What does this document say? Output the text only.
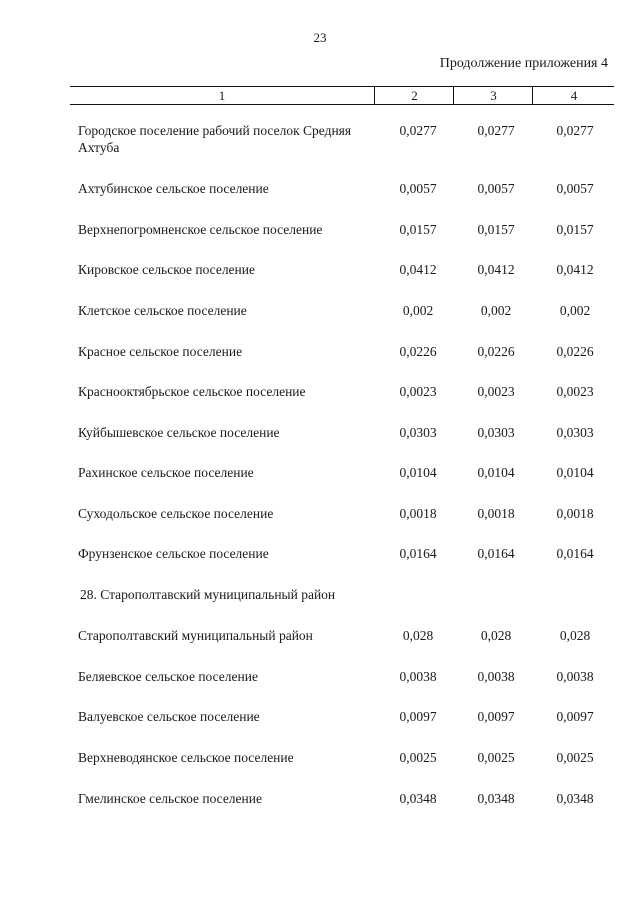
23
Продолжение приложения 4
1	2	3	4
Городское поселение рабочий поселок Средняя Ахтуба
0,0277	0,0277	0,0277
Ахтубинское сельское поселение	0,0057	0,0057	0,0057
Верхнепогромненское сельское поселение	0,0157	0,0157	0,0157
Кировское сельское поселение	0,0412	0,0412	0,0412
Клетское сельское поселение	0,002	0,002	0,002
Красное сельское поселение	0,0226	0,0226	0,0226
Краснооктябрьское сельское поселение	0,0023	0,0023	0,0023
Куйбышевское сельское поселение	0,0303	0,0303	0,0303
Рахинское сельское поселение	0,0104	0,0104	0,0104
Суходольское сельское поселение	0,0018	0,0018	0,0018
Фрунзенское сельское поселение	0,0164	0,0164	0,0164
28. Старополтавский муниципальный район
Старополтавский муниципальный район	0,028	0,028	0,028
Беляевское сельское поселение	0,0038	0,0038	0,0038
Валуевское сельское поселение	0,0097	0,0097	0,0097
Верхневодянское сельское поселение	0,0025	0,0025	0,0025
Гмелинское сельское поселение	0,0348	0,0348	0,0348
